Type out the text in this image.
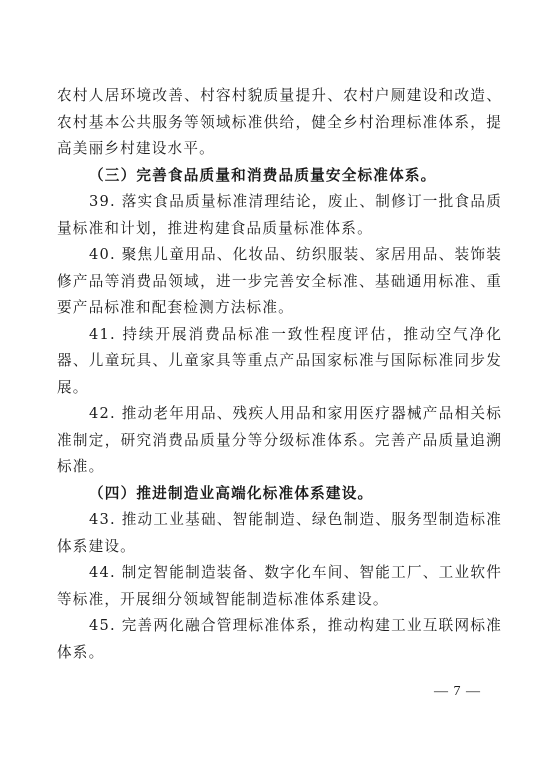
农村人居环境改善、村容村貌质量提升、农村户厕建设和改造、农村基本公共服务等领域标准供给，健全乡村治理标准体系，提高美丽乡村建设水平。

（三）完善食品质量和消费品质量安全标准体系。

39. 落实食品质量标准清理结论，废止、制修订一批食品质量标准和计划，推进构建食品质量标准体系。

40. 聚焦儿童用品、化妆品、纺织服装、家居用品、装饰装修产品等消费品领域，进一步完善安全标准、基础通用标准、重要产品标准和配套检测方法标准。

41. 持续开展消费品标准一致性程度评估，推动空气净化器、儿童玩具、儿童家具等重点产品国家标准与国际标准同步发展。

42. 推动老年用品、残疾人用品和家用医疗器械产品相关标准制定，研究消费品质量分等分级标准体系。完善产品质量追溯标准。

（四）推进制造业高端化标准体系建设。

43. 推动工业基础、智能制造、绿色制造、服务型制造标准体系建设。

44. 制定智能制造装备、数字化车间、智能工厂、工业软件等标准，开展细分领域智能制造标准体系建设。

45. 完善两化融合管理标准体系，推动构建工业互联网标准体系。

— 7 —
